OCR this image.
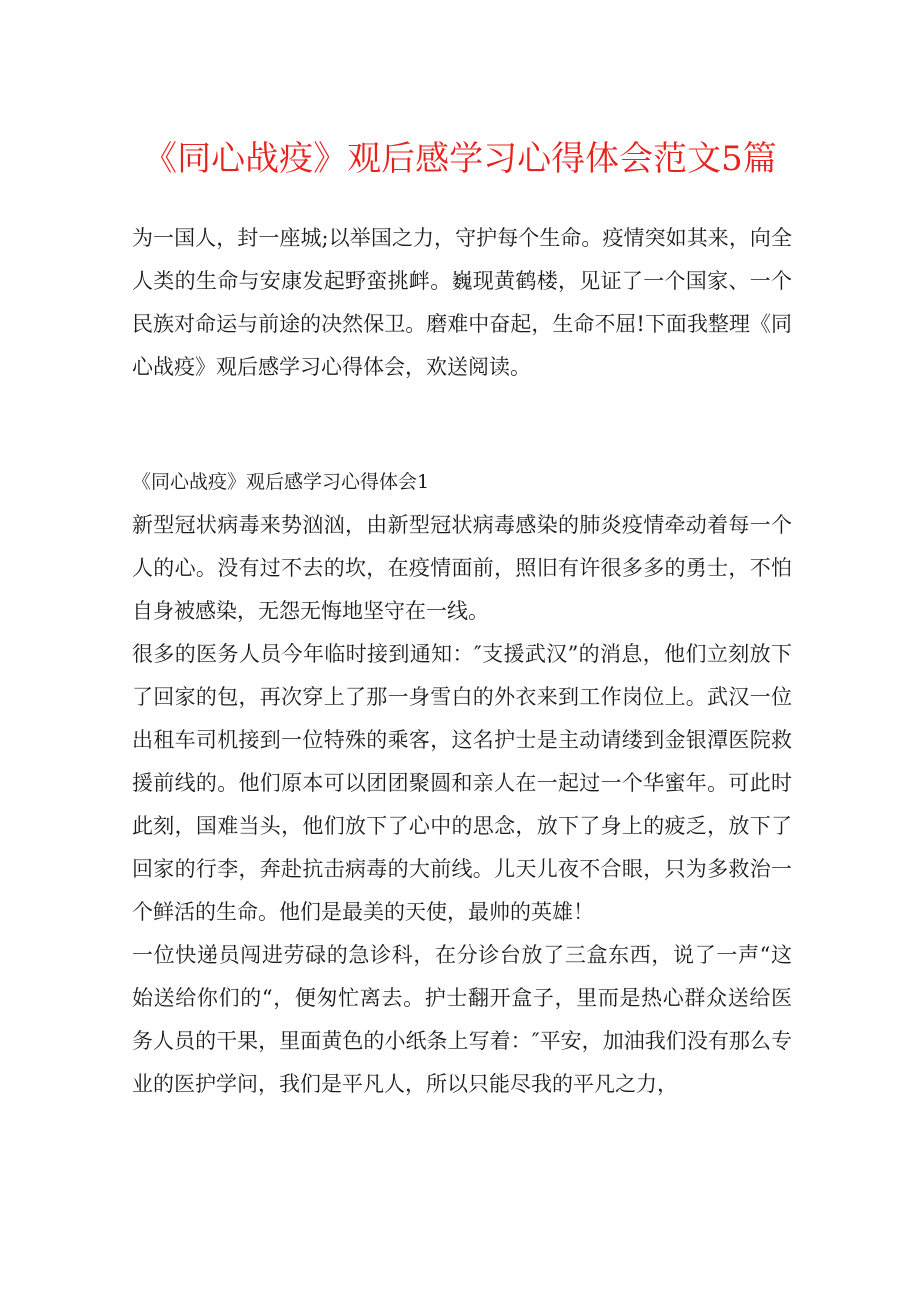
《同心战疫》观后感学习心得体会范文5篇

为一国人，封一座城;以举国之力，守护每个生命。疫情突如其来，向全人类的生命与安康发起野蛮挑衅。巍现黄鹤楼，见证了一个国家、一个民族对命运与前途的决然保卫。磨难中奋起，生命不屈!下面我整理《同心战疫》观后感学习心得体会，欢送阅读。

《同心战疫》观后感学习心得体会1

新型冠状病毒来势汹汹，由新型冠状病毒感染的肺炎疫情牵动着每一个人的心。没有过不去的坎，在疫情面前，照旧有许很多多的勇士，不怕自身被感染，无怨无悔地坚守在一线。

很多的医务人员今年临时接到通知：″支援武汉”的消息，他们立刻放下了回家的包，再次穿上了那一身雪白的外衣来到工作岗位上。武汉一位出租车司机接到一位特殊的乘客，这名护士是主动请缕到金银潭医院救援前线的。他们原本可以团团聚圆和亲人在一起过一个华蜜年。可此时此刻，国难当头，他们放下了心中的思念，放下了身上的疲乏，放下了回家的行李，奔赴抗击病毒的大前线。儿天儿夜不合眼，只为多救治一个鲜活的生命。他们是最美的天使，最帅的英雄！

一位快递员闯进劳碌的急诊科，在分诊台放了三盒东西，说了一声“这始送给你们的“，便匆忙离去。护士翻开盒子，里而是热心群众送给医务人员的干果，里面黄色的小纸条上写着：″平安，加油我们没有那么专业的医护学问，我们是平凡人，所以只能尽我的平凡之力，
